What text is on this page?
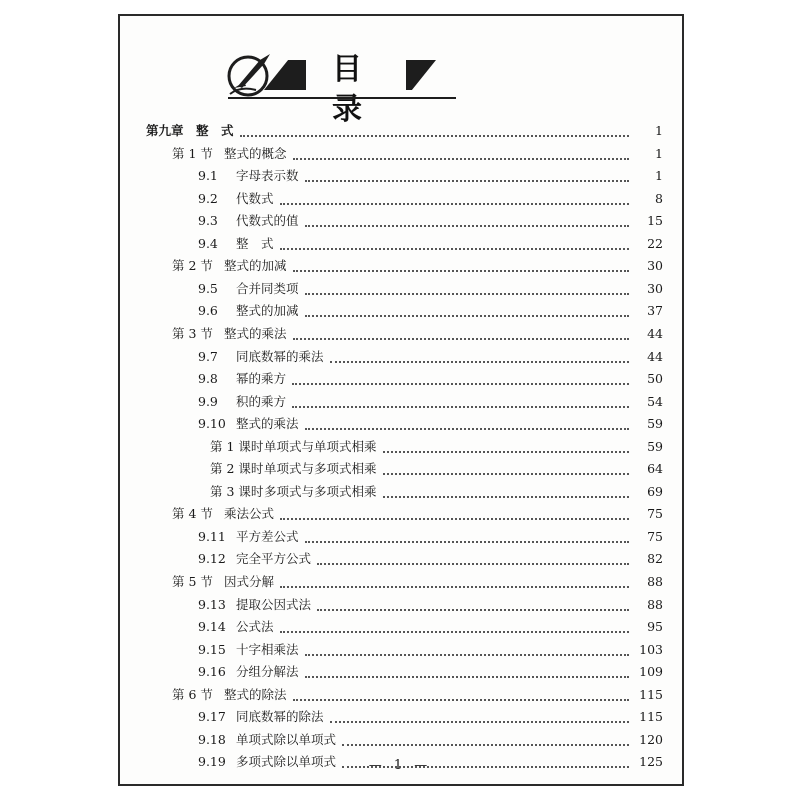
目 录
第九章 整　式	1
第 1 节 整式的概念	1
9.1 字母表示数	1
9.2 代数式	8
9.3 代数式的值	15
9.4 整　式	22
第 2 节 整式的加减	30
9.5 合并同类项	30
9.6 整式的加减	37
第 3 节 整式的乘法	44
9.7 同底数幂的乘法	44
9.8 幂的乘方	50
9.9 积的乘方	54
9.10 整式的乘法	59
第 1 课时单项式与单项式相乘	59
第 2 课时单项式与多项式相乘	64
第 3 课时多项式与多项式相乘	69
第 4 节 乘法公式	75
9.11 平方差公式	75
9.12 完全平方公式	82
第 5 节 因式分解	88
9.13 提取公因式法	88
9.14 公式法	95
9.15 十字相乘法	103
9.16 分组分解法	109
第 6 节 整式的除法	115
9.17 同底数幂的除法	115
9.18 单项式除以单项式	120
9.19 多项式除以单项式	125
— 1 —
